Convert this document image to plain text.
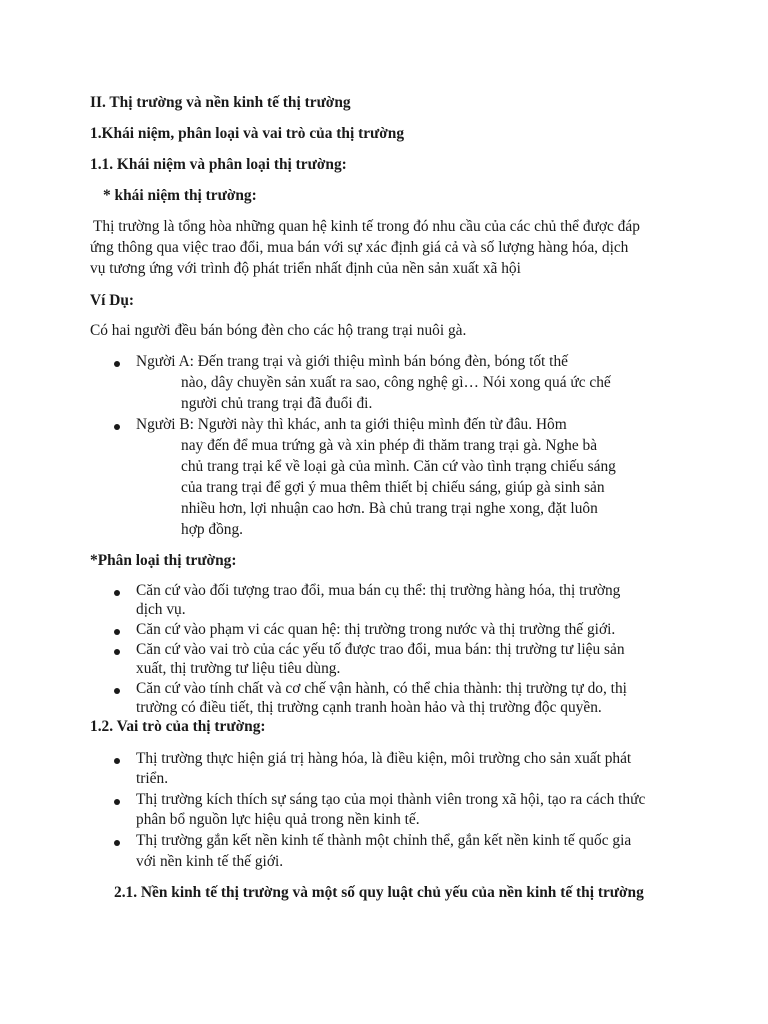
II. Thị trường và nền kinh tế thị trường
1.Khái niệm, phân loại và vai trò của thị trường
1.1. Khái niệm và phân loại thị trường:
* khái niệm thị trường:
Thị trường là tổng hòa những quan hệ kinh tế trong đó nhu cầu của các chủ thể được đáp
ứng thông qua việc trao đổi, mua bán với sự xác định giá cả và số lượng hàng hóa, dịch
vụ tương ứng với trình độ phát triển nhất định của nền sản xuất xã hội
Ví Dụ:
Có hai người đều bán bóng đèn cho các hộ trang trại nuôi gà.
Người A: Đến trang trại và giới thiệu mình bán bóng đèn, bóng tốt thế
nào, dây chuyền sản xuất ra sao, công nghệ gì… Nói xong quá ức chế
người chủ trang trại đã đuổi đi.
Người B: Người này thì khác, anh ta giới thiệu mình đến từ đâu. Hôm
nay đến để mua trứng gà và xin phép đi thăm trang trại gà. Nghe bà
chủ trang trại kể về loại gà của mình. Căn cứ vào tình trạng chiếu sáng
của trang trại để gợi ý mua thêm thiết bị chiếu sáng, giúp gà sinh sản
nhiều hơn, lợi nhuận cao hơn. Bà chủ trang trại nghe xong, đặt luôn
hợp đồng.
*Phân loại thị trường:
Căn cứ vào đối tượng trao đổi, mua bán cụ thể: thị trường hàng hóa, thị trường
dịch vụ.
Căn cứ vào phạm vi các quan hệ: thị trường trong nước và thị trường thế giới.
Căn cứ vào vai trò của các yếu tố được trao đổi, mua bán: thị trường tư liệu sản
xuất, thị trường tư liệu tiêu dùng.
Căn cứ vào tính chất và cơ chế vận hành, có thể chia thành: thị trường tự do, thị
trường có điều tiết, thị trường cạnh tranh hoàn hảo và thị trường độc quyền.
1.2. Vai trò của thị trường:
Thị trường thực hiện giá trị hàng hóa, là điều kiện, môi trường cho sản xuất phát
triển.
Thị trường kích thích sự sáng tạo của mọi thành viên trong xã hội, tạo ra cách thức
phân bổ nguồn lực hiệu quả trong nền kinh tế.
Thị trường gắn kết nền kinh tế thành một chỉnh thể, gắn kết nền kinh tế quốc gia
với nền kinh tế thế giới.
2.1. Nền kinh tế thị trường và một số quy luật chủ yếu của nền kinh tế thị trường
